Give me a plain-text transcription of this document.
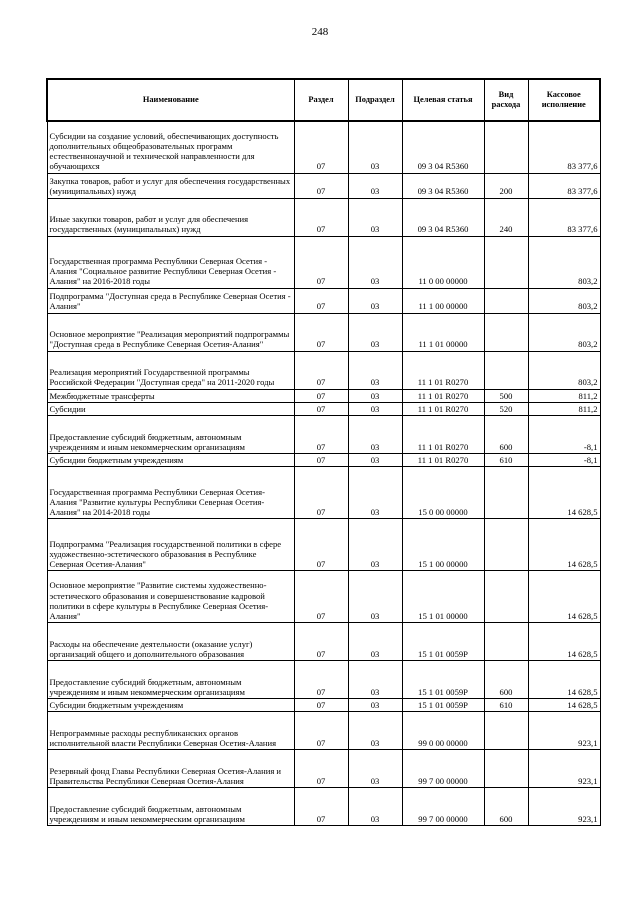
248
Наименование	Раздел	Подраздел	Целевая статья	Вид расхода	Кассовое исполнение
Субсидии на создание условий, обеспечивающих доступность дополнительных общеобразовательных программ естественнонаучной и технической направленности для обучающихся	07	03	09 3 04 R5360		83 377,6
Закупка товаров, работ и услуг для обеспечения государственных (муниципальных) нужд	07	03	09 3 04 R5360	200	83 377,6
Иные закупки товаров, работ и услуг для обеспечения государственных (муниципальных) нужд	07	03	09 3 04 R5360	240	83 377,6
Государственная программа Республики Северная Осетия - Алания "Социальное развитие Республики Северная Осетия - Алания" на 2016-2018 годы	07	03	11 0 00 00000		803,2
Подпрограмма "Доступная среда в Республике Северная Осетия - Алания"	07	03	11 1 00 00000		803,2
Основное мероприятие "Реализация мероприятий подпрограммы "Доступная среда в Республике Северная Осетия-Алания"	07	03	11 1 01 00000		803,2
Реализация мероприятий Государственной программы Российской Федерации "Доступная среда" на 2011-2020 годы	07	03	11 1 01 R0270		803,2
Межбюджетные трансферты	07	03	11 1 01 R0270	500	811,2
Субсидии	07	03	11 1 01 R0270	520	811,2
Предоставление субсидий бюджетным, автономным учреждениям и иным некоммерческим организациям	07	03	11 1 01 R0270	600	-8,1
Субсидии бюджетным учреждениям	07	03	11 1 01 R0270	610	-8,1
Государственная программа Республики Северная Осетия-Алания "Развитие культуры Республики Северная Осетия-Алания" на 2014-2018 годы	07	03	15 0 00 00000		14 628,5
Подпрограмма "Реализация государственной политики в сфере художественно-эстетического образования в Республике Северная Осетия-Алания"	07	03	15 1 00 00000		14 628,5
Основное мероприятие "Развитие системы художественно-эстетического образования и совершенствование кадровой политики в сфере культуры в Республике Северная Осетия-Алания"	07	03	15 1 01 00000		14 628,5
Расходы на обеспечение деятельности (оказание услуг) организаций общего и дополнительного образования	07	03	15 1 01 0059Р		14 628,5
Предоставление субсидий бюджетным, автономным учреждениям и иным некоммерческим организациям	07	03	15 1 01 0059Р	600	14 628,5
Субсидии бюджетным учреждениям	07	03	15 1 01 0059Р	610	14 628,5
Непрограммные расходы республиканских органов исполнительной власти Республики Северная Осетия-Алания	07	03	99 0 00 00000		923,1
Резервный фонд Главы Республики Северная Осетия-Алания и Правительства Республики Северная Осетия-Алания	07	03	99 7 00 00000		923,1
Предоставление субсидий бюджетным, автономным учреждениям и иным некоммерческим организациям	07	03	99 7 00 00000	600	923,1
